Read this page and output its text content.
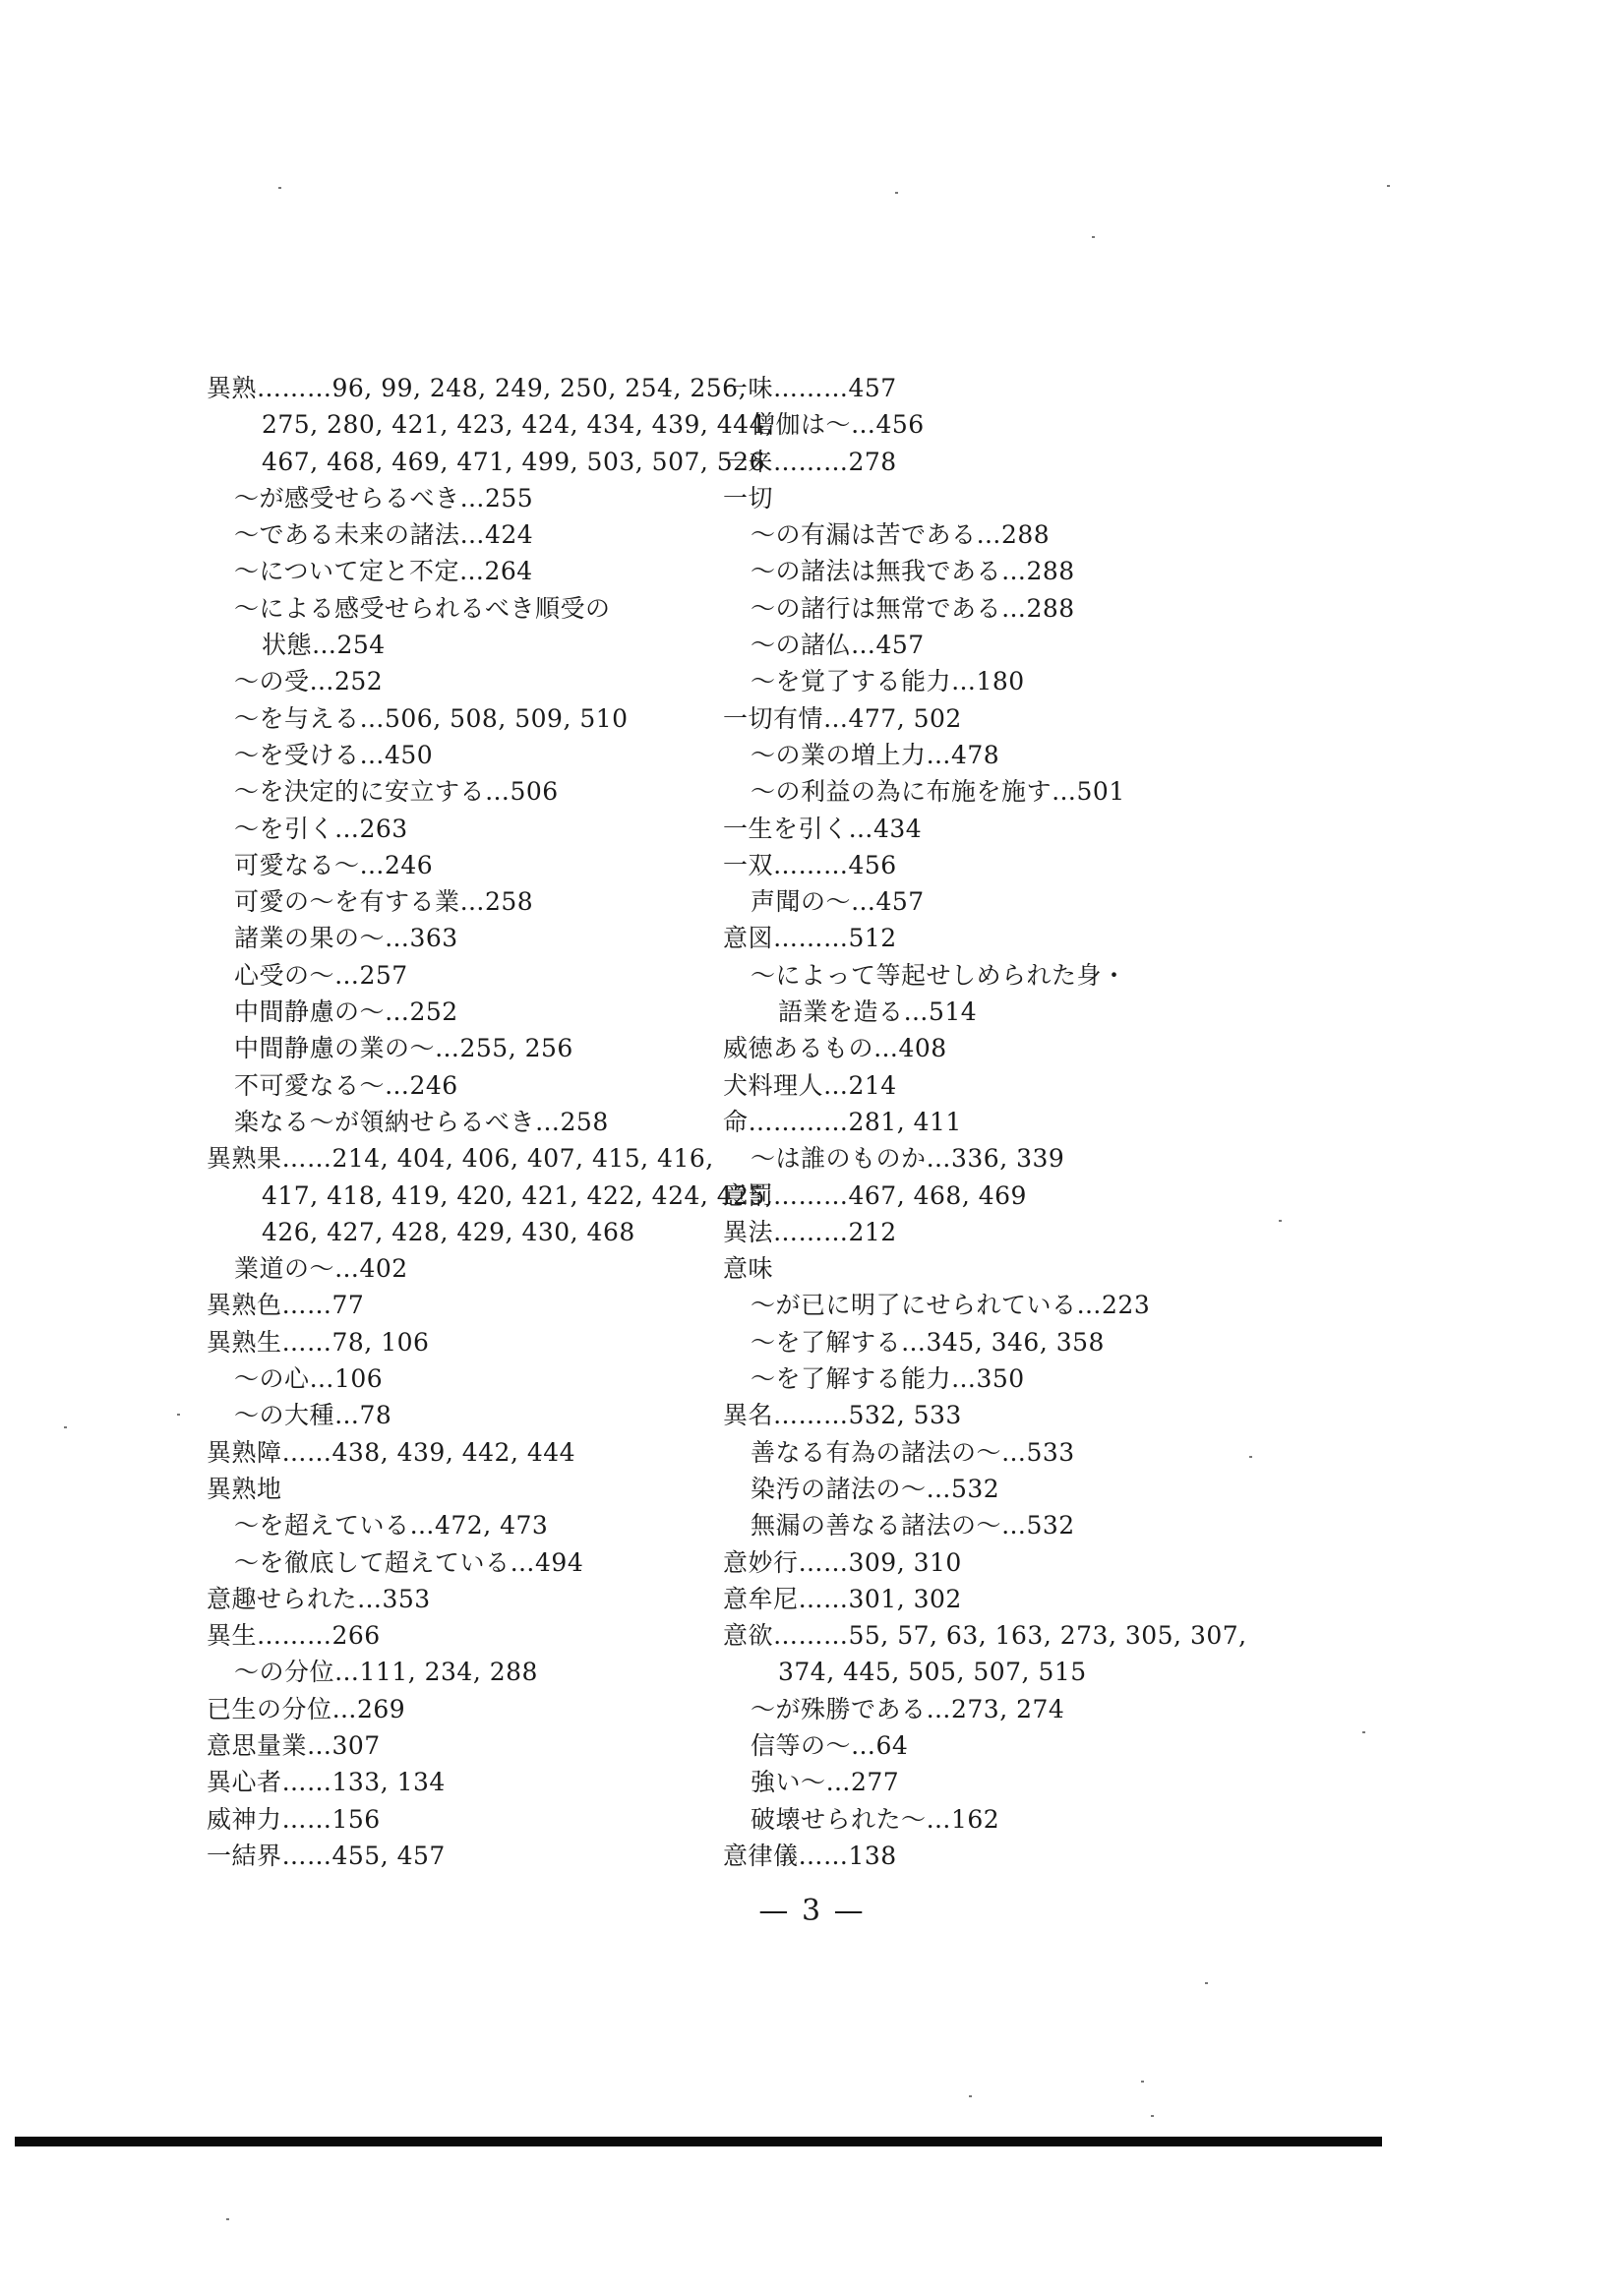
異熟………96, 99, 248, 249, 250, 254, 256,
275, 280, 421, 423, 424, 434, 439, 444,
467, 468, 469, 471, 499, 503, 507, 526
～が感受せらるべき…255
～である未来の諸法…424
～について定と不定…264
～による感受せられるべき順受の
状態…254
～の受…252
～を与える…506, 508, 509, 510
～を受ける…450
～を決定的に安立する…506
～を引く…263
可愛なる～…246
可愛の～を有する業…258
諸業の果の～…363
心受の～…257
中間静慮の～…252
中間静慮の業の～…255, 256
不可愛なる～…246
楽なる～が領納せらるべき…258
異熟果……214, 404, 406, 407, 415, 416,
417, 418, 419, 420, 421, 422, 424, 425,
426, 427, 428, 429, 430, 468
業道の～…402
異熟色……77
異熟生……78, 106
～の心…106
～の大種…78
異熟障……438, 439, 442, 444
異熟地
～を超えている…472, 473
～を徹底して超えている…494
意趣せられた…353
異生………266
～の分位…111, 234, 288
已生の分位…269
意思量業…307
異心者……133, 134
威神力……156
一結界……455, 457
一味………457
僧伽は～…456
一来………278
一切
～の有漏は苦である…288
～の諸法は無我である…288
～の諸行は無常である…288
～の諸仏…457
～を覚了する能力…180
一切有情…477, 502
～の業の増上力…478
～の利益の為に布施を施す…501
一生を引く…434
一双………456
声聞の～…457
意図………512
～によって等起せしめられた身・
語業を造る…514
威徳あるもの…408
犬料理人…214
命…………281, 411
～は誰のものか…336, 339
意罰………467, 468, 469
異法………212
意味
～が已に明了にせられている…223
～を了解する…345, 346, 358
～を了解する能力…350
異名………532, 533
善なる有為の諸法の～…533
染汚の諸法の～…532
無漏の善なる諸法の～…532
意妙行……309, 310
意牟尼……301, 302
意欲………55, 57, 63, 163, 273, 305, 307,
374, 445, 505, 507, 515
～が殊勝である…273, 274
信等の～…64
強い～…277
破壊せられた～…162
意律儀……138
— 3 —
